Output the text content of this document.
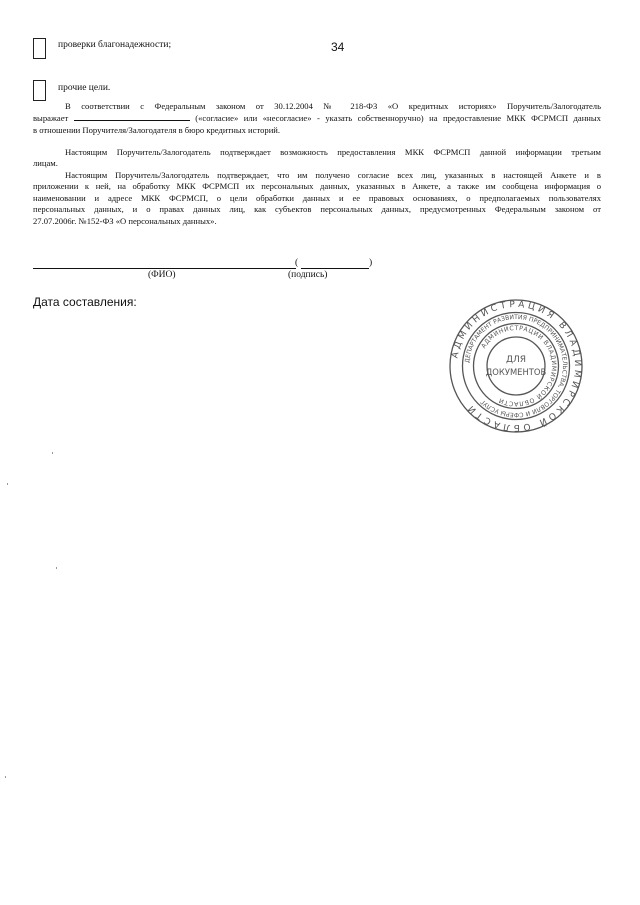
34
проверки благонадежности;
прочие цели.
В соответствии с Федеральным законом от 30.12.2004 № 218-ФЗ «О кредитных историях» Поручитель/Залогодатель
выражает	(«согласие» или «несогласие» - указать собственноручно) на предоставление МКК ФСРМСП данных
в отношении Поручителя/Залогодателя в бюро кредитных историй.
Настоящим Поручитель/Залогодатель подтверждает возможность предоставления МКК ФСРМСП данной информации третьим
лицам.
Настоящим Поручитель/Залогодатель подтверждает, что им получено согласие всех лиц, указанных в настоящей Анкете и в
приложении к ней, на обработку МКК ФСРМСП их персональных данных, указанных в Анкете, а также им сообщена информация о
наименовании и адресе МКК ФСРМСП, о цели обработки данных и ее правовых основаниях, о предполагаемых пользователях
персональных данных, и о правах данных лиц, как субъектов персональных данных, предусмотренных Федеральным законом от
27.07.2006г. №152-ФЗ «О персональных данных».
(	)
(ФИО)	(подпись)
Дата составления:
АДМИНИСТРАЦИЯ ВЛАДИМИРСКОЙ ОБЛАСТИ
ДЕПАРТАМЕНТ РАЗВИТИЯ ПРЕДПРИНИМАТЕЛЬСТВА, ТОРГОВЛИ И СФЕРЫ УСЛУГ
АДМИНИСТРАЦИИ ВЛАДИМИРСКОЙ ОБЛАСТИ
ДЛЯ
ДОКУМЕНТОВ
